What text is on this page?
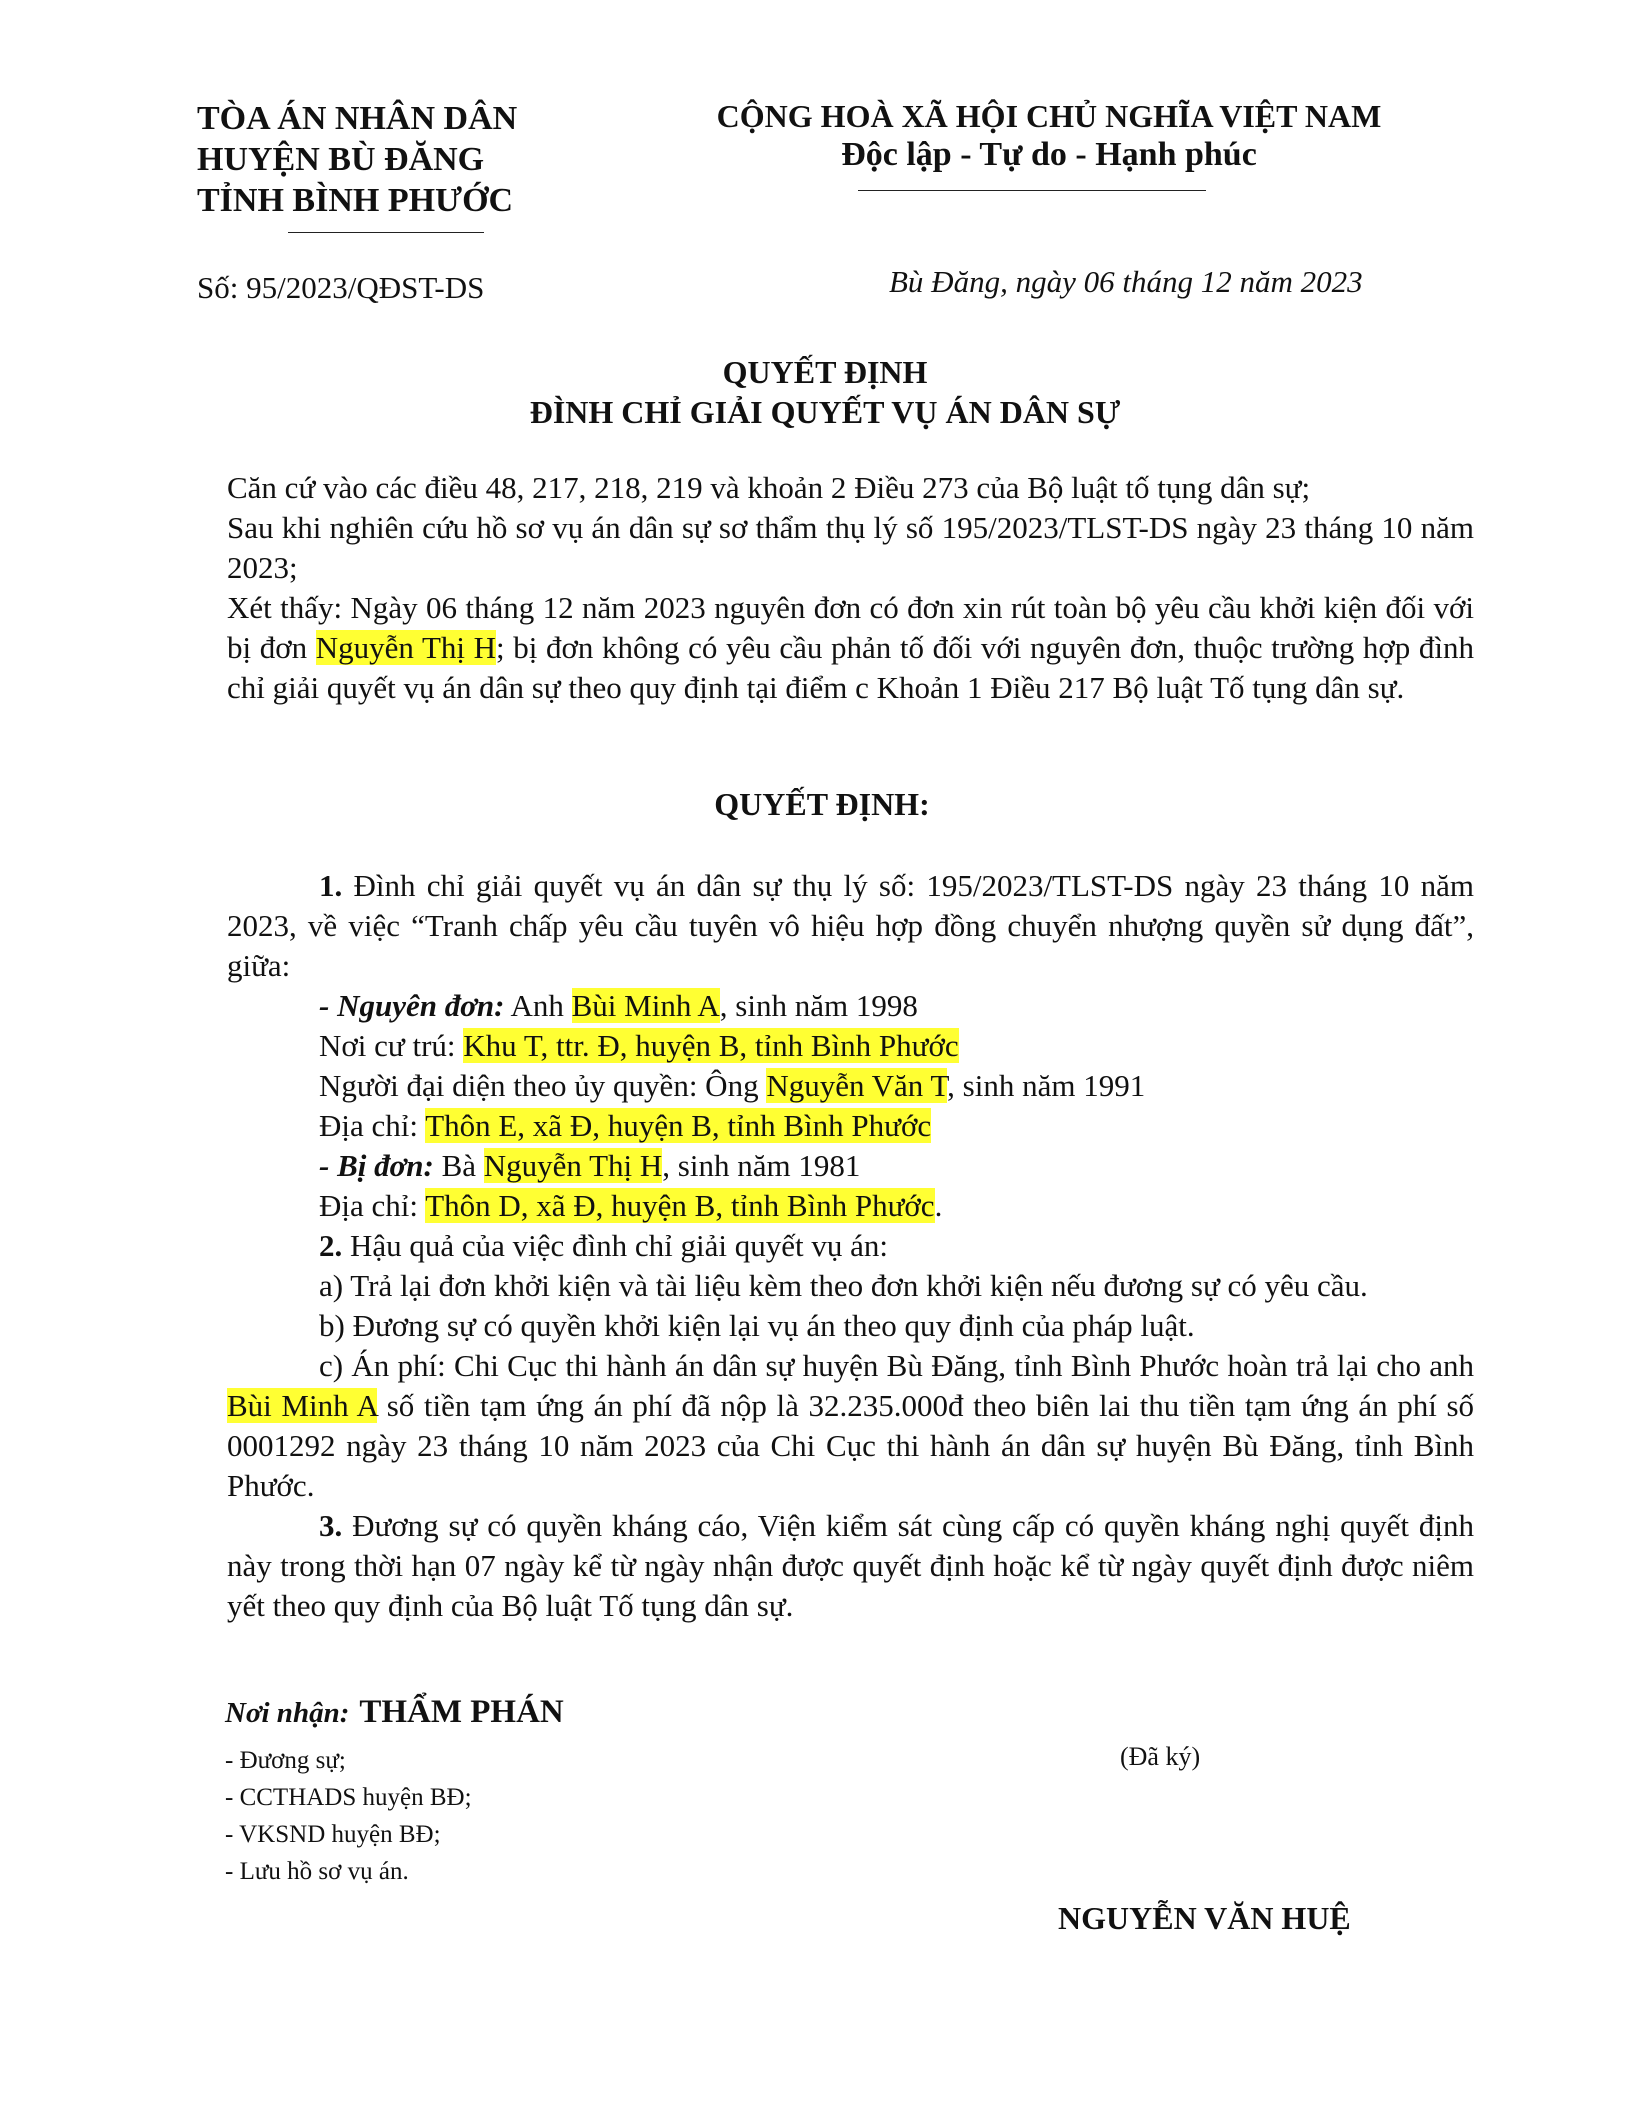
TÒA ÁN NHÂN DÂN
HUYỆN BÙ ĐĂNG
TỈNH BÌNH PHƯỚC
CỘNG HOÀ XÃ HỘI CHỦ NGHĨA VIỆT NAM
Độc lập - Tự do - Hạnh phúc
Số: 95/2023/QĐST-DS	Bù Đăng, ngày 06 tháng 12 năm 2023
QUYẾT ĐỊNH
ĐÌNH CHỈ GIẢI QUYẾT VỤ ÁN DÂN SỰ

Căn cứ vào các điều 48, 217, 218, 219 và khoản 2 Điều 273 của Bộ luật tố tụng dân sự;

Sau khi nghiên cứu hồ sơ vụ án dân sự sơ thẩm thụ lý số 195/2023/TLST-DS ngày 23 tháng 10 năm 2023;

Xét thấy: Ngày 06 tháng 12 năm 2023 nguyên đơn có đơn xin rút toàn bộ yêu cầu khởi kiện đối với bị đơn Nguyễn Thị H; bị đơn không có yêu cầu phản tố đối với nguyên đơn, thuộc trường hợp đình chỉ giải quyết vụ án dân sự theo quy định tại điểm c Khoản 1 Điều 217 Bộ luật Tố tụng dân sự.

QUYẾT ĐỊNH:

1. Đình chỉ giải quyết vụ án dân sự thụ lý số: 195/2023/TLST-DS ngày 23 tháng 10 năm 2023, về việc “Tranh chấp yêu cầu tuyên vô hiệu hợp đồng chuyển nhượng quyền sử dụng đất”, giữa:

- Nguyên đơn: Anh Bùi Minh A, sinh năm 1998

Nơi cư trú: Khu T, ttr. Đ, huyện B, tỉnh Bình Phước

Người đại diện theo ủy quyền: Ông Nguyễn Văn T, sinh năm 1991

Địa chỉ: Thôn E, xã Đ, huyện B, tỉnh Bình Phước

- Bị đơn: Bà Nguyễn Thị H, sinh năm 1981

Địa chỉ: Thôn D, xã Đ, huyện B, tỉnh Bình Phước.

2. Hậu quả của việc đình chỉ giải quyết vụ án:

a) Trả lại đơn khởi kiện và tài liệu kèm theo đơn khởi kiện nếu đương sự có yêu cầu.

b) Đương sự có quyền khởi kiện lại vụ án theo quy định của pháp luật.

c) Án phí: Chi Cục thi hành án dân sự huyện Bù Đăng, tỉnh Bình Phước hoàn trả lại cho anh Bùi Minh A số tiền tạm ứng án phí đã nộp là 32.235.000đ theo biên lai thu tiền tạm ứng án phí số 0001292 ngày 23 tháng 10 năm 2023 của Chi Cục thi hành án dân sự huyện Bù Đăng, tỉnh Bình Phước.

3. Đương sự có quyền kháng cáo, Viện kiểm sát cùng cấp có quyền kháng nghị quyết định này trong thời hạn 07 ngày kể từ ngày nhận được quyết định hoặc kể từ ngày quyết định được niêm yết theo quy định của Bộ luật Tố tụng dân sự.

Nơi nhận: THẨM PHÁN
- Đương sự;
- CCTHADS huyện BĐ;
- VKSND huyện BĐ;
- Lưu hồ sơ vụ án.
(Đã ký)
NGUYỄN VĂN HUỆ
